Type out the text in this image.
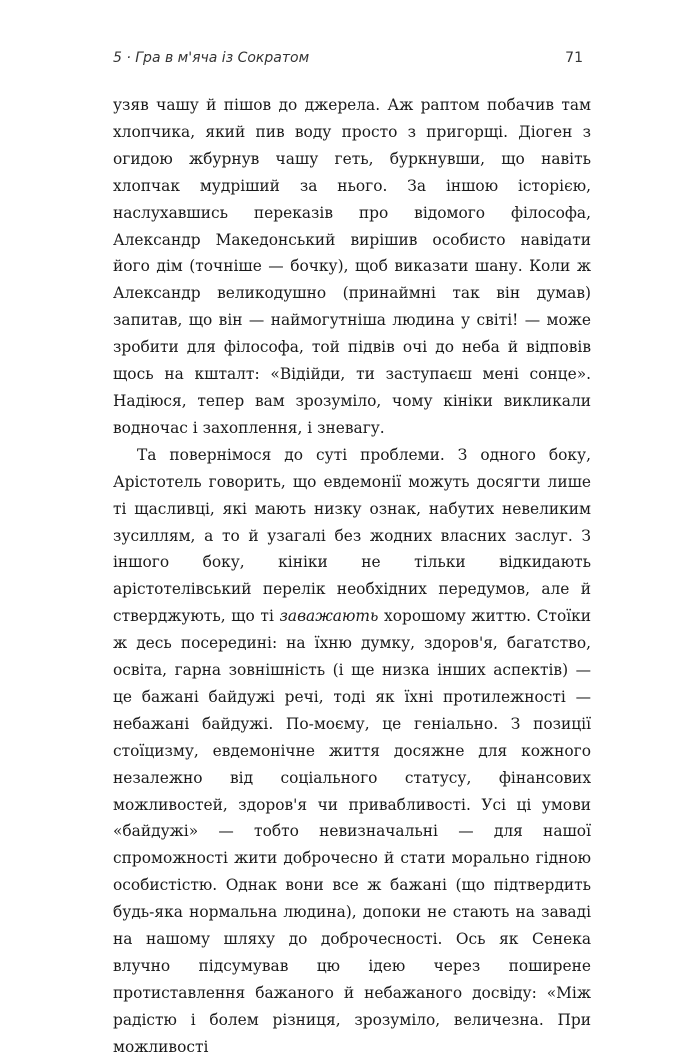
5 · Гра в м'яча із Сократом	71

узяв чашу й пішов до джерела. Аж раптом побачив там хлопчика, який пив воду просто з пригорщі. Діоген з огидою жбурнув чашу геть, буркнувши, що навіть хлопчак мудріший за нього. За іншою історією, наслухавшись переказів про відомого філософа, Александр Македонський вирішив особисто навідати його дім (точніше — бочку), щоб виказати шану. Коли ж Александр великодушно (принаймні так він думав) запитав, що він — наймогутніша людина у світі! — може зробити для філософа, той підвів очі до неба й відповів щось на кшталт: «Відійди, ти заступаєш мені сонце». Надіюся, тепер вам зрозуміло, чому кініки викликали водночас і захоплення, і зневагу.

Та повернімося до суті проблеми. З одного боку, Арістотель говорить, що евдемонії можуть досягти лише ті щасливці, які мають низку ознак, набутих невеликим зусиллям, а то й узагалі без жодних власних заслуг. З іншого боку, кініки не тільки відкидають арістотелівський перелік необхідних передумов, але й стверджують, що ті заважають хорошому життю. Стоїки ж десь посередині: на їхню думку, здоров'я, багатство, освіта, гарна зовнішність (і ще низка інших аспектів) — це бажані байдужі речі, тоді як їхні протилежності — небажані байдужі. По-моєму, це геніально. З позиції стоїцизму, евдемонічне життя досяжне для кожного незалежно від соціального статусу, фінансових можливостей, здоров'я чи привабливості. Усі ці умови «байдужі» — тобто невизначальні — для нашої спроможності жити доброчесно й стати морально гідною особистістю. Однак вони все ж бажані (що підтвердить будь-яка нормальна людина), допоки не стають на заваді на нашому шляху до доброчесності. Ось як Сенека влучно підсумував цю ідею через поширене протиставлення бажаного й небажаного досвіду: «Між радістю і болем різниця, зрозуміло, величезна. При можливості
